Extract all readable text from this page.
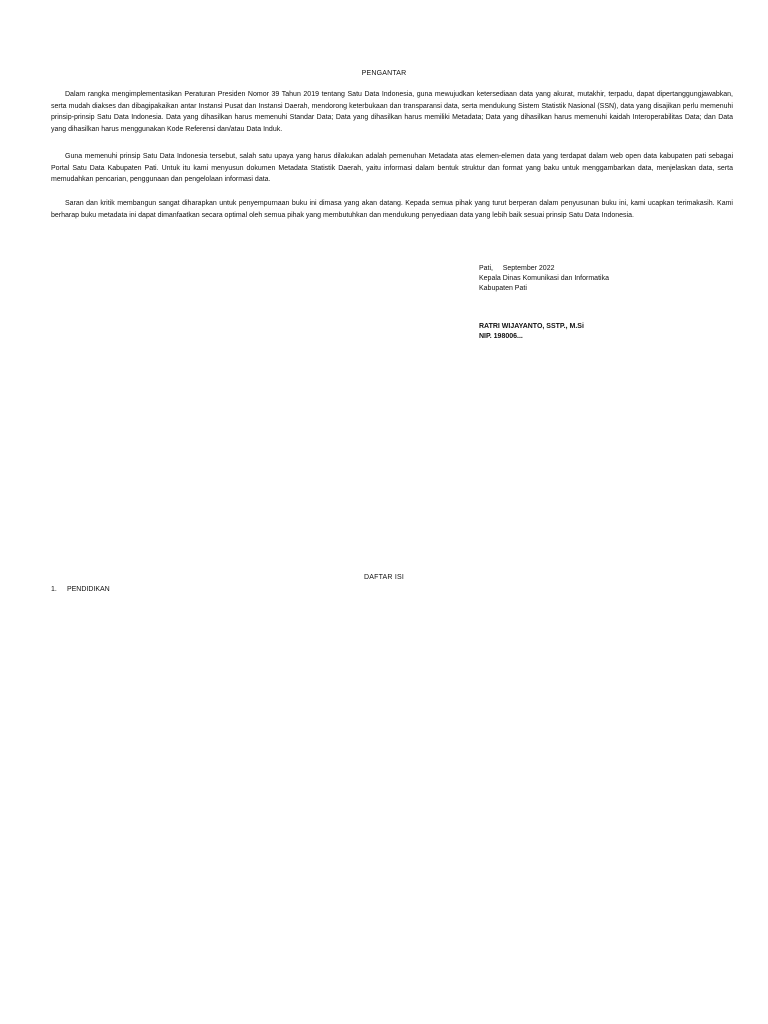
PENGANTAR

Dalam rangka mengimplementasikan Peraturan Presiden Nomor 39 Tahun 2019 tentang Satu Data Indonesia, guna mewujudkan ketersediaan data yang akurat, mutakhir, terpadu, dapat dipertanggungjawabkan, serta mudah diakses dan dibagipakaikan antar Instansi Pusat dan Instansi Daerah, mendorong keterbukaan dan transparansi data, serta mendukung Sistem Statistik Nasional (SSN), data yang disajikan perlu memenuhi prinsip-prinsip Satu Data Indonesia. Data yang dihasilkan harus memenuhi Standar Data; Data yang dihasilkan harus memiliki Metadata; Data yang dihasilkan harus memenuhi kaidah Interoperabilitas Data; dan Data yang dihasilkan harus menggunakan Kode Referensi dan/atau Data Induk.

Guna memenuhi prinsip Satu Data Indonesia tersebut, salah satu upaya yang harus dilakukan adalah pemenuhan Metadata atas elemen-elemen data yang terdapat dalam web open data kabupaten pati sebagai Portal Satu Data Kabupaten Pati. Untuk itu kami menyusun dokumen Metadata Statistik Daerah, yaitu informasi dalam bentuk struktur dan format yang baku untuk menggambarkan data, menjelaskan data, serta memudahkan pencarian, penggunaan dan pengelolaan informasi data.

Saran dan kritik membangun sangat diharapkan untuk penyempurnaan buku ini dimasa yang akan datang. Kepada semua pihak yang turut berperan dalam penyusunan buku ini, kami ucapkan terimakasih. Kami berharap buku metadata ini dapat dimanfaatkan secara optimal oleh semua pihak yang membutuhkan dan mendukung penyediaan data yang lebih baik sesuai prinsip Satu Data Indonesia.

Pati,     September 2022
Kepala Dinas Komunikasi dan Informatika
Kabupaten Pati
RATRI WIJAYANTO, SSTP., M.Si
NIP. 198006...
DAFTAR ISI
1. PENDIDIKAN
